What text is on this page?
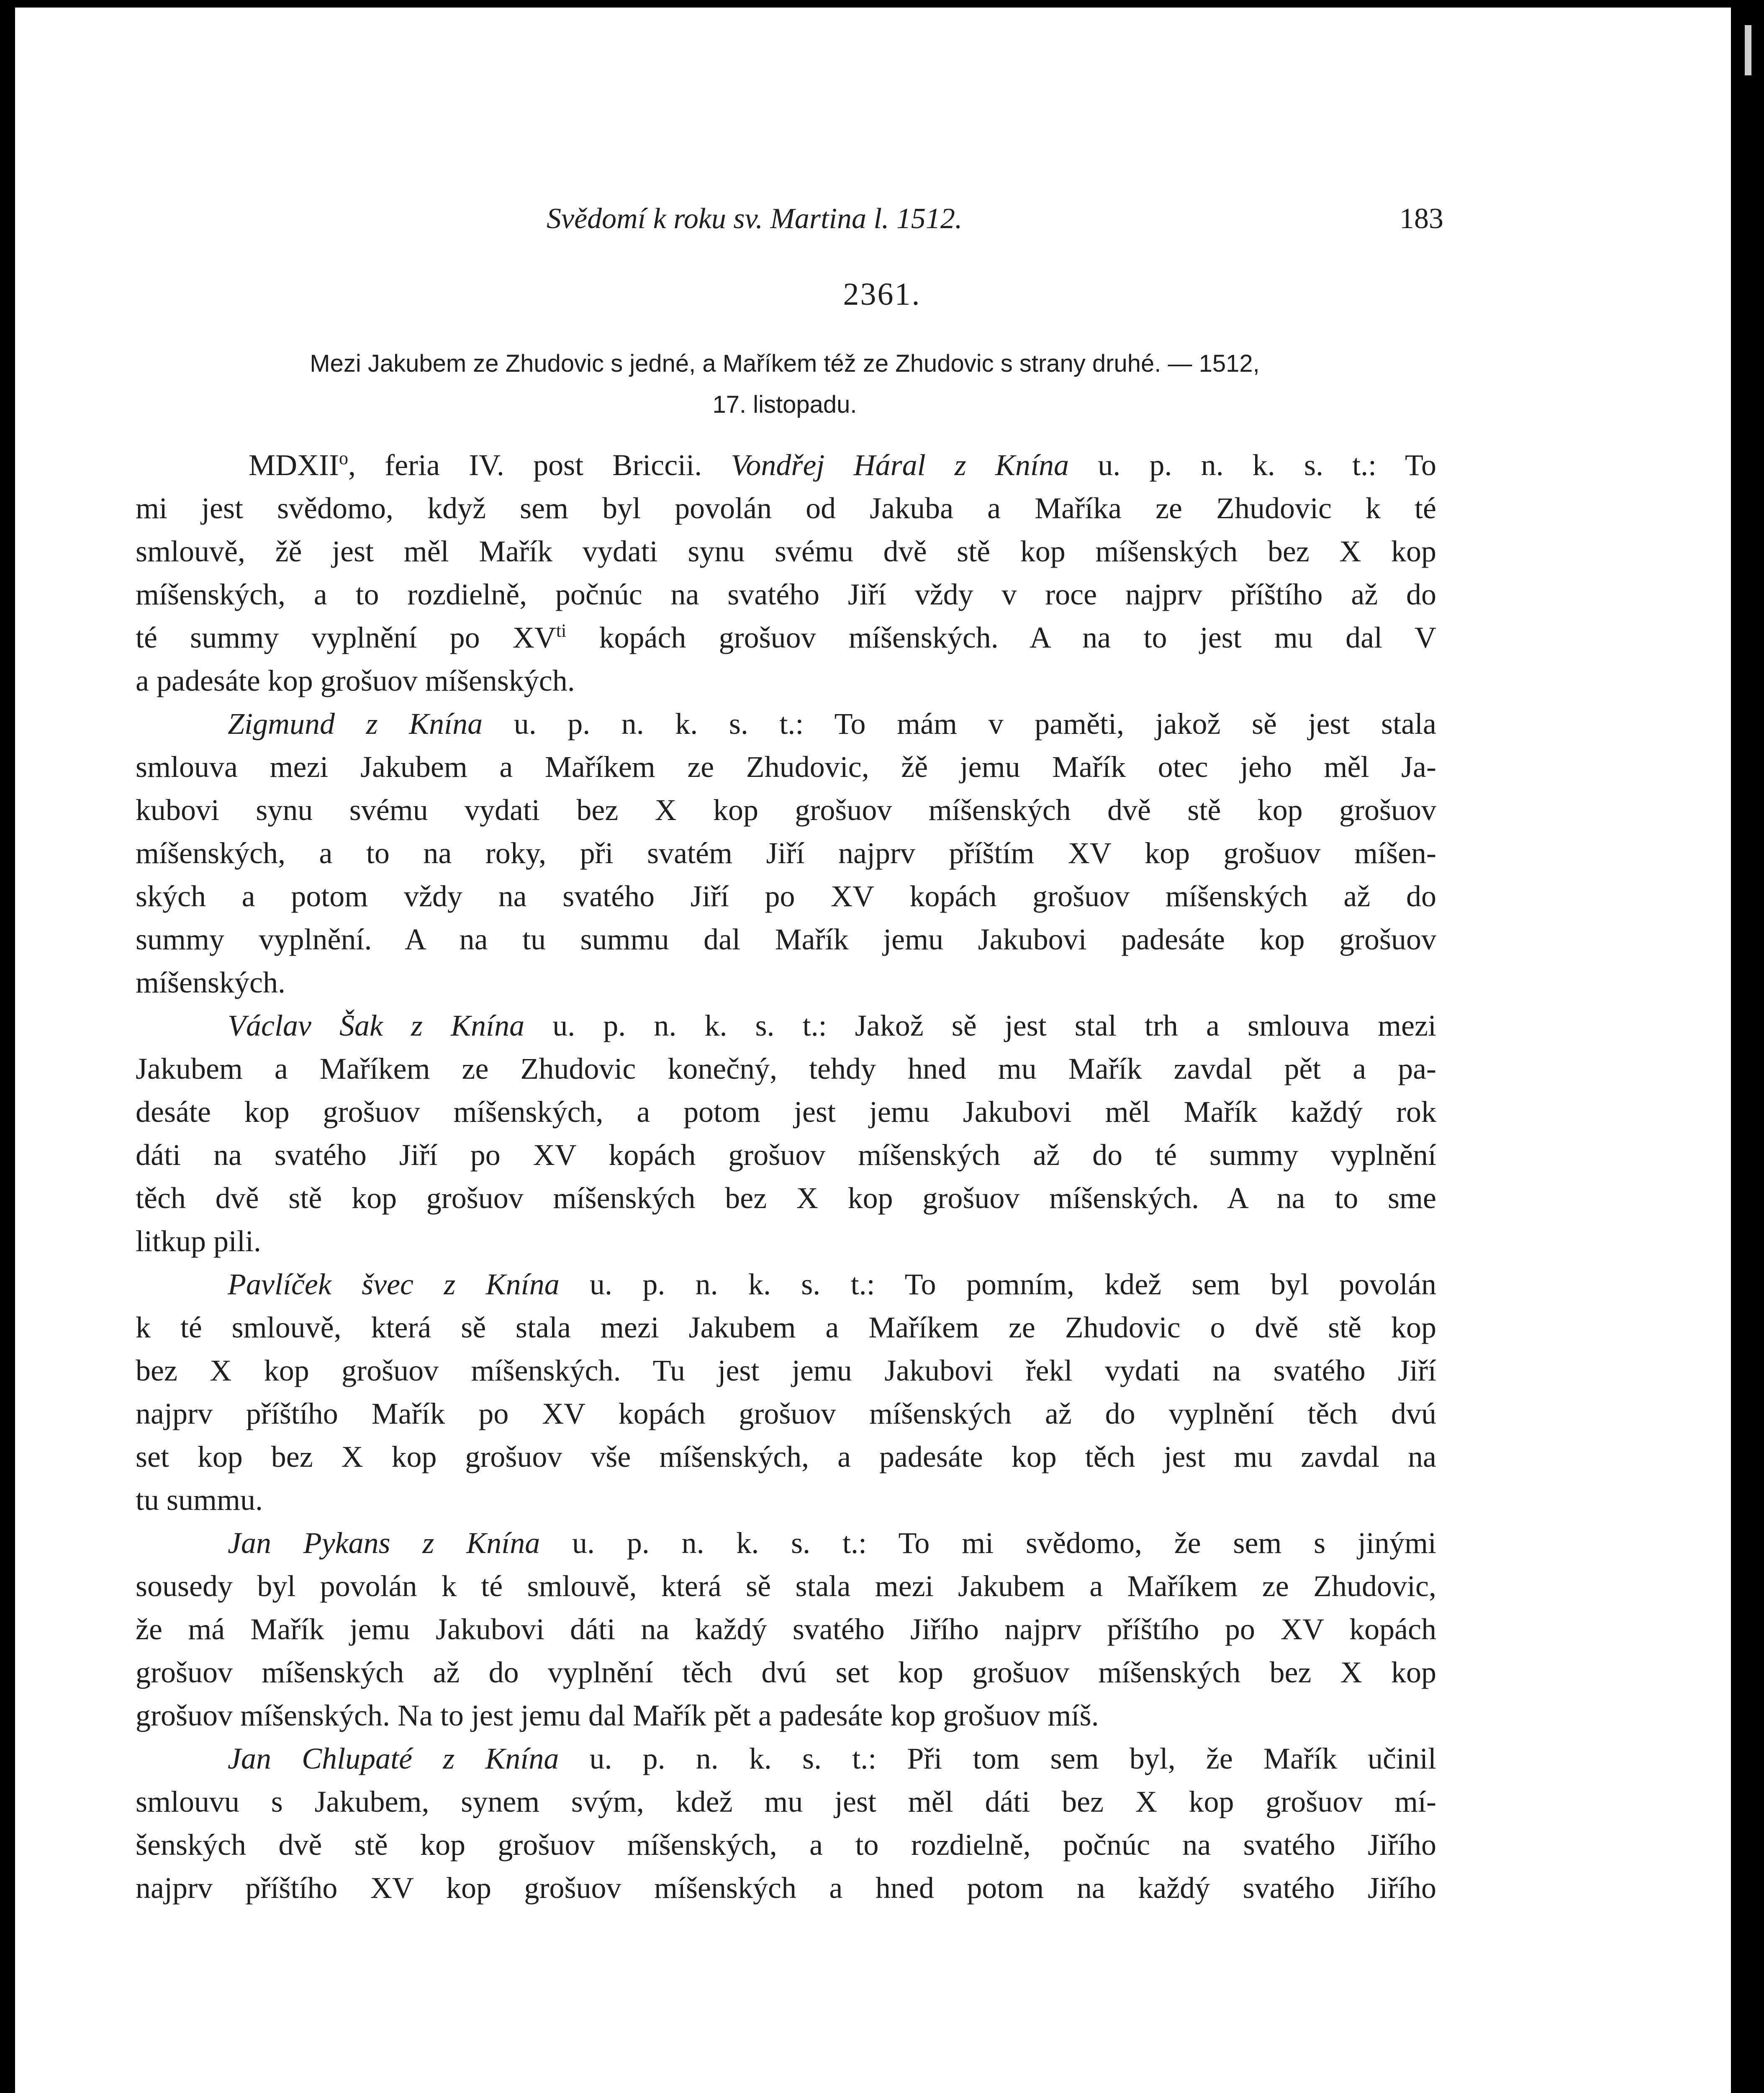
Svědomí k roku sv. Martina l. 1512.	183
2361.
Mezi Jakubem ze Zhudovic s jedné, a Maříkem též ze Zhudovic s strany druhé. — 1512,
17. listopadu.
MDXII$^o$, feria IV. post Briccii. Vondřej Háral z Knína u. p. n. k. s. t.: To
mi jest svědomo, když sem byl povolán od Jakuba a Maříka ze Zhudovic k té
smlouvě, žě jest měl Mařík vydati synu svému dvě stě kop míšenských bez X kop
míšenských, a to rozdielně, počnúc na svatého Jiří vždy v roce najprv příštího až do
té summy vyplnění po $XV^{ti}$ kopách grošuov míšenských. A na to jest mu dal V
a padesáte kop grošuov míšenských.
Zigmund z Knína u. p. n. k. s. t.: To mám v paměti, jakož sě jest stala
smlouva mezi Jakubem a Maříkem ze Zhudovic, žě jemu Mařík otec jeho měl Ja-
kubovi synu svému vydati bez X kop grošuov míšenských dvě stě kop grošuov
míšenských, a to na roky, při svatém Jiří najprv příštím XV kop grošuov míšen-
ských a potom vždy na svatého Jiří po XV kopách grošuov míšenských až do
summy vyplnění. A na tu summu dal Mařík jemu Jakubovi padesáte kop grošuov
míšenských.
Václav Šak z Knína u. p. n. k. s. t.: Jakož sě jest stal trh a smlouva mezi
Jakubem a Maříkem ze Zhudovic konečný, tehdy hned mu Mařík zavdal pět a pa-
desáte kop grošuov míšenských, a potom jest jemu Jakubovi měl Mařík každý rok
dáti na svatého Jiří po XV kopách grošuov míšenských až do té summy vyplnění
těch dvě stě kop grošuov míšenských bez X kop grošuov míšenských. A na to sme
litkup pili.
Pavlíček švec z Knína u. p. n. k. s. t.: To pomním, kdež sem byl povolán
k té smlouvě, která sě stala mezi Jakubem a Maříkem ze Zhudovic o dvě stě kop
bez X kop grošuov míšenských. Tu jest jemu Jakubovi řekl vydati na svatého Jiří
najprv příštího Mařík po XV kopách grošuov míšenských až do vyplnění těch dvú
set kop bez X kop grošuov vše míšenských, a padesáte kop těch jest mu zavdal na
tu summu.
Jan Pykans z Knína u. p. n. k. s. t.: To mi svědomo, že sem s jinými
sousedy byl povolán k té smlouvě, která sě stala mezi Jakubem a Maříkem ze Zhudovic,
že má Mařík jemu Jakubovi dáti na každý svatého Jiřího najprv příštího po XV kopách
grošuov míšenských až do vyplnění těch dvú set kop grošuov míšenských bez X kop
grošuov míšenských. Na to jest jemu dal Mařík pět a padesáte kop grošuov míš.
Jan Chlupaté z Knína u. p. n. k. s. t.: Při tom sem byl, že Mařík učinil
smlouvu s Jakubem, synem svým, kdež mu jest měl dáti bez X kop grošuov mí-
šenských dvě stě kop grošuov míšenských, a to rozdielně, počnúc na svatého Jiřího
najprv příštího XV kop grošuov míšenských a hned potom na každý svatého Jiřího
